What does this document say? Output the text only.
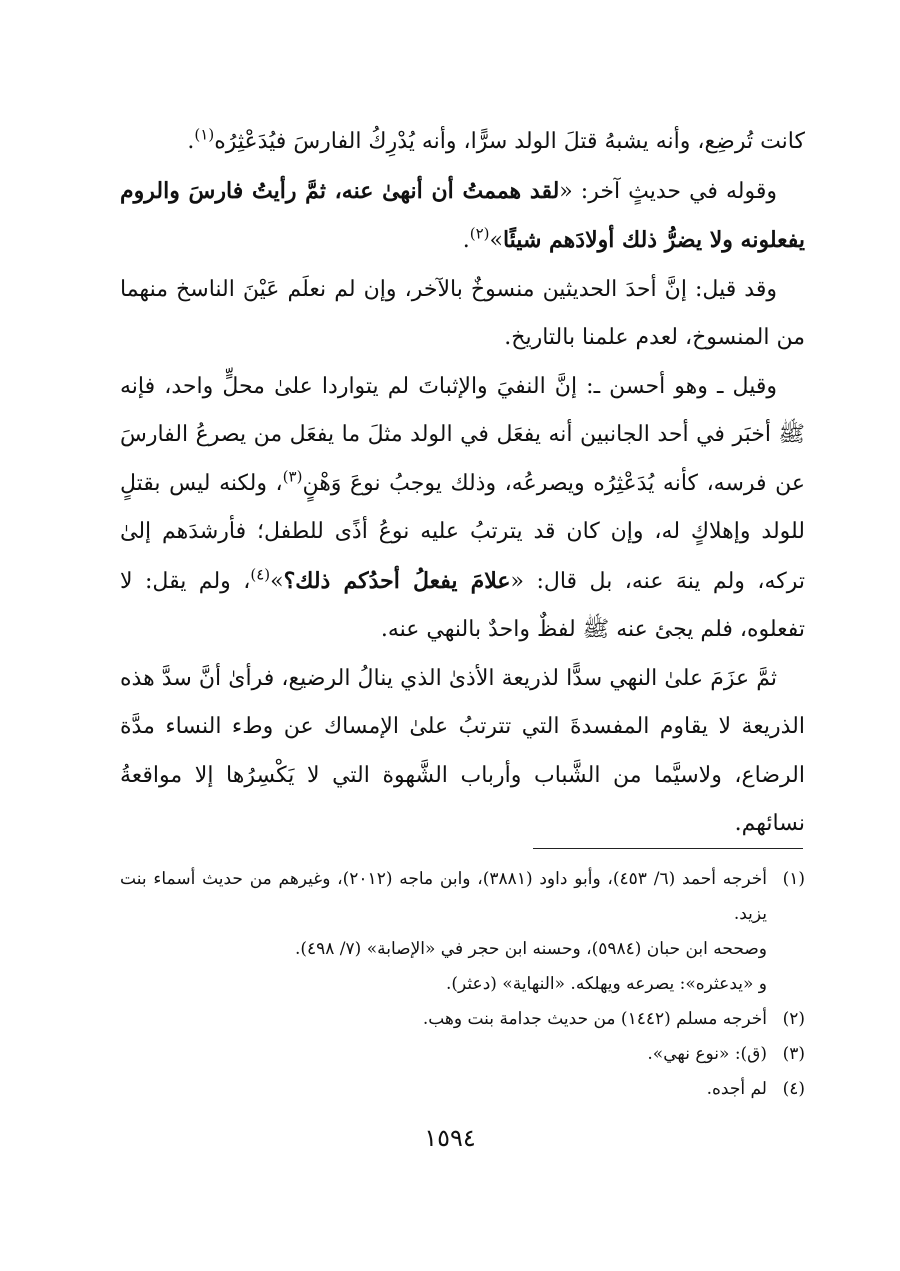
كانت تُرضِع، وأنه يشبهُ قتلَ الولد سرًّا، وأنه يُدْرِكُ الفارسَ فيُدَعْثِرُه$^{(١)}$.

وقوله في حديثٍ آخر: «لقد هممتُ أن أنهىٰ عنه، ثمَّ رأيتُ فارسَ والروم يفعلونه ولا يضرُّ ذلك أولادَهم شيئًا»$^{(٢)}$.

وقد قيل: إنَّ أحدَ الحديثين منسوخٌ بالآخر، وإن لم نعلَم عَيْنَ الناسخ منهما من المنسوخ، لعدم علمنا بالتاريخ.

وقيل ـ وهو أحسن ـ: إنَّ النفيَ والإثباتَ لم يتواردا علىٰ محلٍّ واحد، فإنه ﷺ أخبَر في أحد الجانبين أنه يفعَل في الولد مثلَ ما يفعَل من يصرعُ الفارسَ عن فرسه، كأنه يُدَعْثِرُه ويصرعُه، وذلك يوجبُ نوعَ وَهْنٍ$^{(٣)}$، ولكنه ليس بقتلٍ للولد وإهلاكٍ له، وإن كان قد يترتبُ عليه نوعُ أذًى للطفل؛ فأرشدَهم إلىٰ تركه، ولم ينهَ عنه، بل قال: «علامَ يفعلُ أحدُكم ذلك؟»$^{(٤)}$، ولم يقل: لا تفعلوه، فلم يجئ عنه ﷺ لفظٌ واحدٌ بالنهي عنه.

ثمَّ عزَمَ علىٰ النهي سدًّا لذريعة الأذىٰ الذي ينالُ الرضيع، فرأىٰ أنَّ سدَّ هذه الذريعة لا يقاوم المفسدةَ التي تترتبُ علىٰ الإمساك عن وطء النساء مدَّة الرضاع، ولاسيَّما من الشَّباب وأرباب الشَّهوة التي لا يَكْسِرُها إلا مواقعةُ نسائهم.

(١)
أخرجه أحمد (٦/ ٤٥٣)، وأبو داود (٣٨٨١)، وابن ماجه (٢٠١٢)، وغيرهم من حديث أسماء بنت يزيد.
وصححه ابن حبان (٥٩٨٤)، وحسنه ابن حجر في «الإصابة» (٧/ ٤٩٨).
و «يدعثره»: يصرعه ويهلكه. «النهاية» (دعثر).
(٢)
أخرجه مسلم (١٤٤٢) من حديث جدامة بنت وهب.
(٣)
(ق): «نوع نهي».
(٤)
لم أجده.
١٥٩٤
